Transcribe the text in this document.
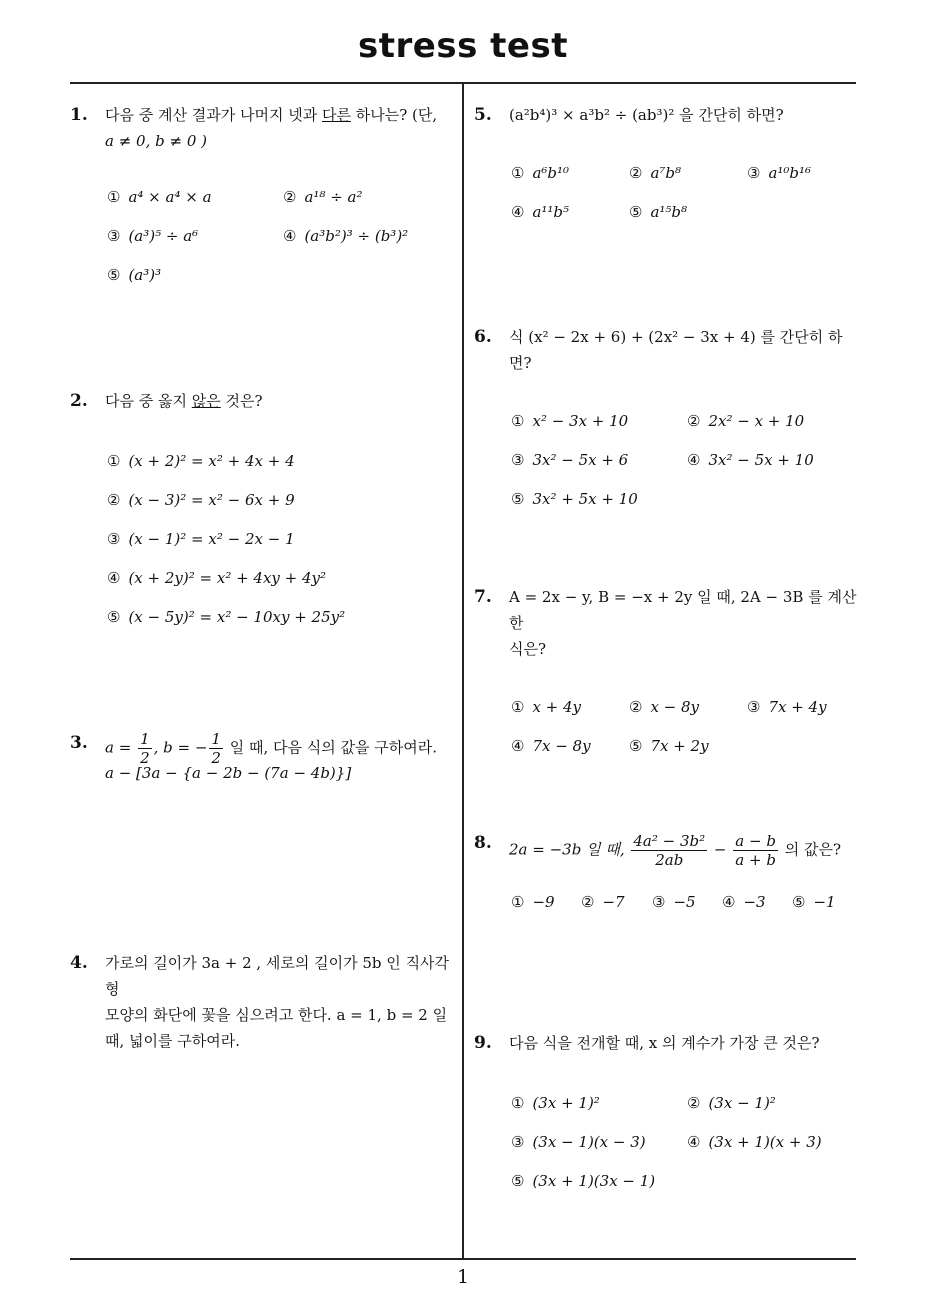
stress test
1
1. 다음 중 계산 결과가 나머지 넷과 다른 하나는? (단,
a ≠ 0, b ≠ 0 )
① a⁴ × a⁴ × a	② a¹⁸ ÷ a²
③ (a³)⁵ ÷ a⁶	④ (a³b²)³ ÷ (b³)²
⑤ (a³)³
2. 다음 중 옳지 않은 것은?
① (x + 2)² = x² + 4x + 4
② (x − 3)² = x² − 6x + 9
③ (x − 1)² = x² − 2x − 1
④ (x + 2y)² = x² + 4xy + 4y²
⑤ (x − 5y)² = x² − 10xy + 25y²
3. $a = \frac{1}{2}$ , b = − $\frac{1}{2}$ 일 때, 다음 식의 값을 구하여라.
a − [3a − {a − 2b − (7a − 4b)}]
4. 가로의 길이가 3a + 2 , 세로의 길이가 5b 인 직사각형
모양의 화단에 꽃을 심으려고 한다. a = 1, b = 2 일
때, 넓이를 구하여라.
5. (a²b⁴)³ × a³b² ÷ (ab³)² 을 간단히 하면?
① a⁶b¹⁰	② a⁷b⁸	③ a¹⁰b¹⁶
④ a¹¹b⁵	⑤ a¹⁵b⁸
6. 식 (x² − 2x + 6) + (2x² − 3x + 4) 를 간단히 하면?
① x² − 3x + 10	② 2x² − x + 10
③ 3x² − 5x + 6	④ 3x² − 5x + 10
⑤ 3x² + 5x + 10
7. A = 2x − y, B = −x + 2y 일 때, 2A − 3B 를 계산한
식은?
① x + 4y	② x − 8y	③ 7x + 4y
④ 7x − 8y	⑤ 7x + 2y
8. 2a = −3b 일 때, $\frac{\text{4a² − 3b²}}{2ab} - \frac{a - b}{a + b}$ 의 값은?
① −9 ② −7 ③ −5 ④ −3 ⑤ −1
9. 다음 식을 전개할 때, x 의 계수가 가장 큰 것은?
① (3x + 1)²	② (3x − 1)²
③ (3x − 1)(x − 3)	④ (3x + 1)(x + 3)
⑤ (3x + 1)(3x − 1)
